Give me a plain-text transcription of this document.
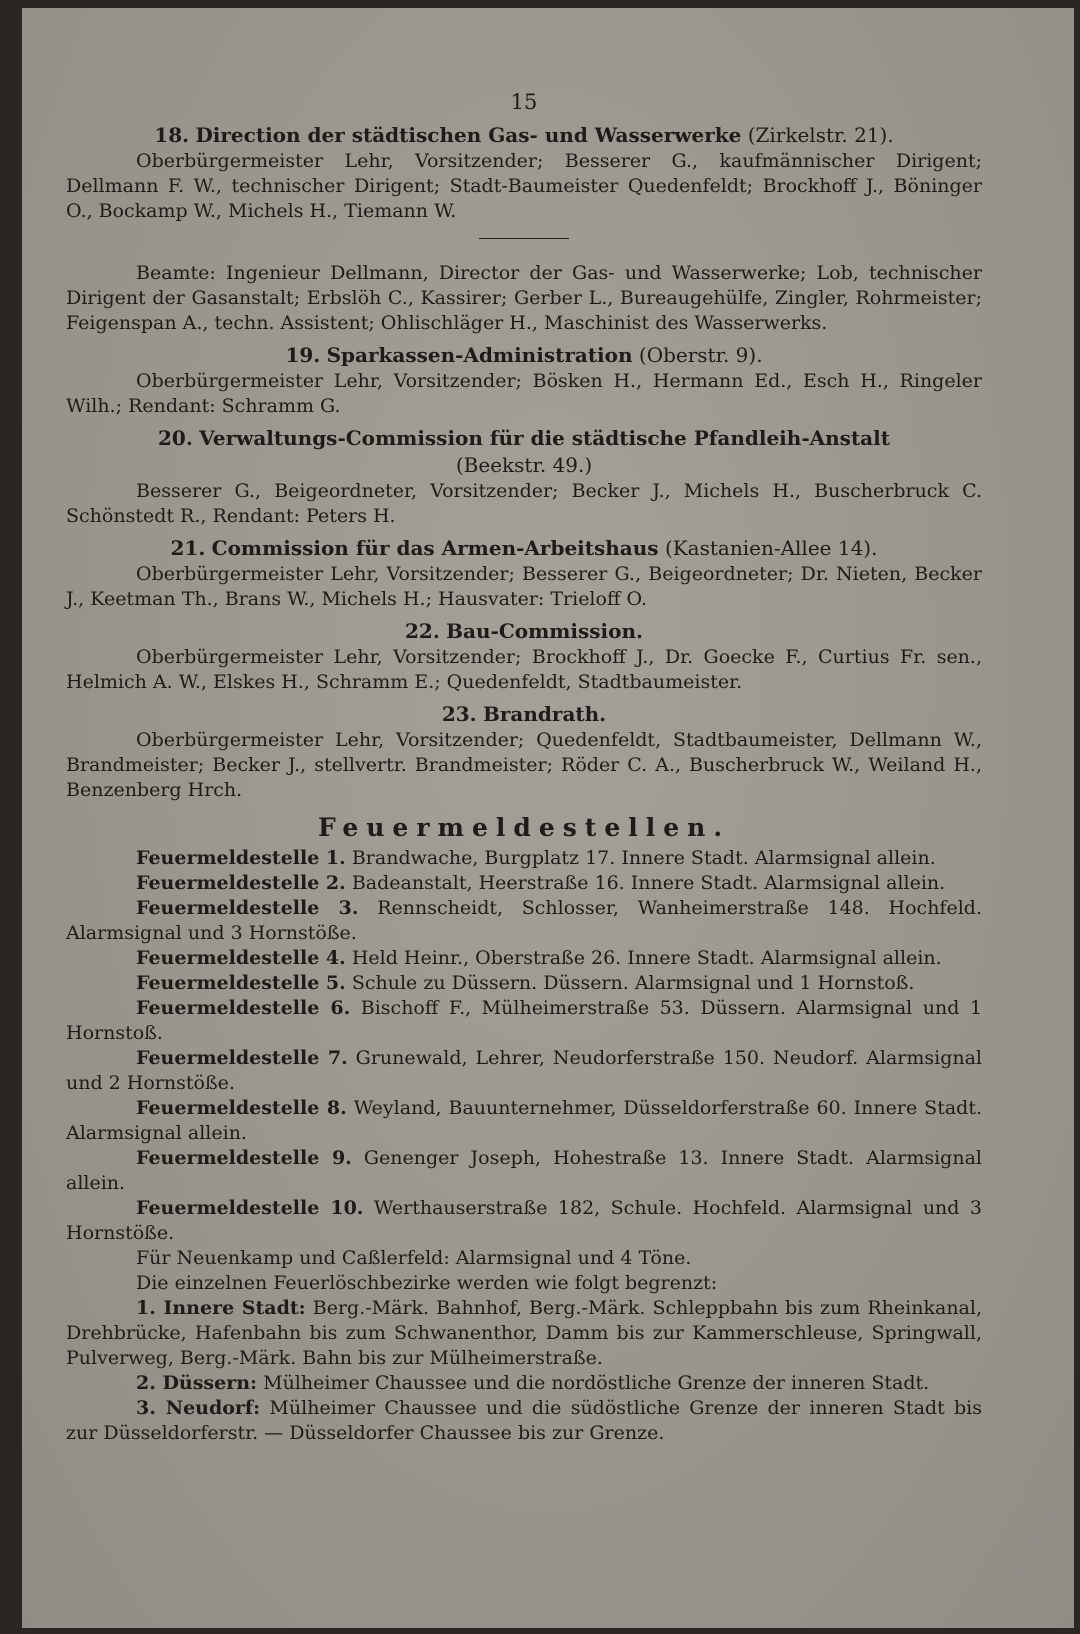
15
18. Direction der städtischen Gas- und Wasserwerke (Zirkelstr. 21).

Oberbürgermeister Lehr, Vorsitzender; Besserer G., kaufmännischer Dirigent; Dellmann F. W., technischer Dirigent; Stadt-Baumeister Quedenfeldt; Brockhoff J., Böninger O., Bockamp W., Michels H., Tiemann W.

Beamte: Ingenieur Dellmann, Director der Gas- und Wasserwerke; Lob, technischer Dirigent der Gasanstalt; Erbslöh C., Kassirer; Gerber L., Bureaugehülfe, Zingler, Rohrmeister; Feigenspan A., techn. Assistent; Ohlischläger H., Maschinist des Wasserwerks.

19. Sparkassen-Administration (Oberstr. 9).

Oberbürgermeister Lehr, Vorsitzender; Bösken H., Hermann Ed., Esch H., Ringeler Wilh.; Rendant: Schramm G.

20. Verwaltungs-Commission für die städtische Pfandleih-Anstalt
(Beekstr. 49.)

Besserer G., Beigeordneter, Vorsitzender; Becker J., Michels H., Buscherbruck C. Schönstedt R., Rendant: Peters H.

21. Commission für das Armen-Arbeitshaus (Kastanien-Allee 14).

Oberbürgermeister Lehr, Vorsitzender; Besserer G., Beigeordneter; Dr. Nieten, Becker J., Keetman Th., Brans W., Michels H.; Hausvater: Trieloff O.

22. Bau-Commission.

Oberbürgermeister Lehr, Vorsitzender; Brockhoff J., Dr. Goecke F., Curtius Fr. sen., Helmich A. W., Elskes H., Schramm E.; Quedenfeldt, Stadtbaumeister.

23. Brandrath.

Oberbürgermeister Lehr, Vorsitzender; Quedenfeldt, Stadtbaumeister, Dellmann W., Brandmeister; Becker J., stellvertr. Brandmeister; Röder C. A., Buscherbruck W., Weiland H., Benzenberg Hrch.

Feuermeldestellen.

Feuermeldestelle 1. Brandwache, Burgplatz 17. Innere Stadt. Alarmsignal allein.

Feuermeldestelle 2. Badeanstalt, Heerstraße 16. Innere Stadt. Alarmsignal allein.

Feuermeldestelle 3. Rennscheidt, Schlosser, Wanheimerstraße 148. Hochfeld. Alarmsignal und 3 Hornstöße.

Feuermeldestelle 4. Held Heinr., Oberstraße 26. Innere Stadt. Alarmsignal allein.

Feuermeldestelle 5. Schule zu Düssern. Düssern. Alarmsignal und 1 Hornstoß.

Feuermeldestelle 6. Bischoff F., Mülheimerstraße 53. Düssern. Alarmsignal und 1 Hornstoß.

Feuermeldestelle 7. Grunewald, Lehrer, Neudorferstraße 150. Neudorf. Alarmsignal und 2 Hornstöße.

Feuermeldestelle 8. Weyland, Bauunternehmer, Düsseldorferstraße 60. Innere Stadt. Alarmsignal allein.

Feuermeldestelle 9. Genenger Joseph, Hohestraße 13. Innere Stadt. Alarmsignal allein.

Feuermeldestelle 10. Werthauserstraße 182, Schule. Hochfeld. Alarmsignal und 3 Hornstöße.

Für Neuenkamp und Caßlerfeld: Alarmsignal und 4 Töne.

Die einzelnen Feuerlöschbezirke werden wie folgt begrenzt:

1. Innere Stadt: Berg.-Märk. Bahnhof, Berg.-Märk. Schleppbahn bis zum Rheinkanal, Drehbrücke, Hafenbahn bis zum Schwanenthor, Damm bis zur Kammerschleuse, Springwall, Pulverweg, Berg.-Märk. Bahn bis zur Mülheimerstraße.

2. Düssern: Mülheimer Chaussee und die nordöstliche Grenze der inneren Stadt.

3. Neudorf: Mülheimer Chaussee und die südöstliche Grenze der inneren Stadt bis zur Düsseldorferstr. — Düsseldorfer Chaussee bis zur Grenze.
